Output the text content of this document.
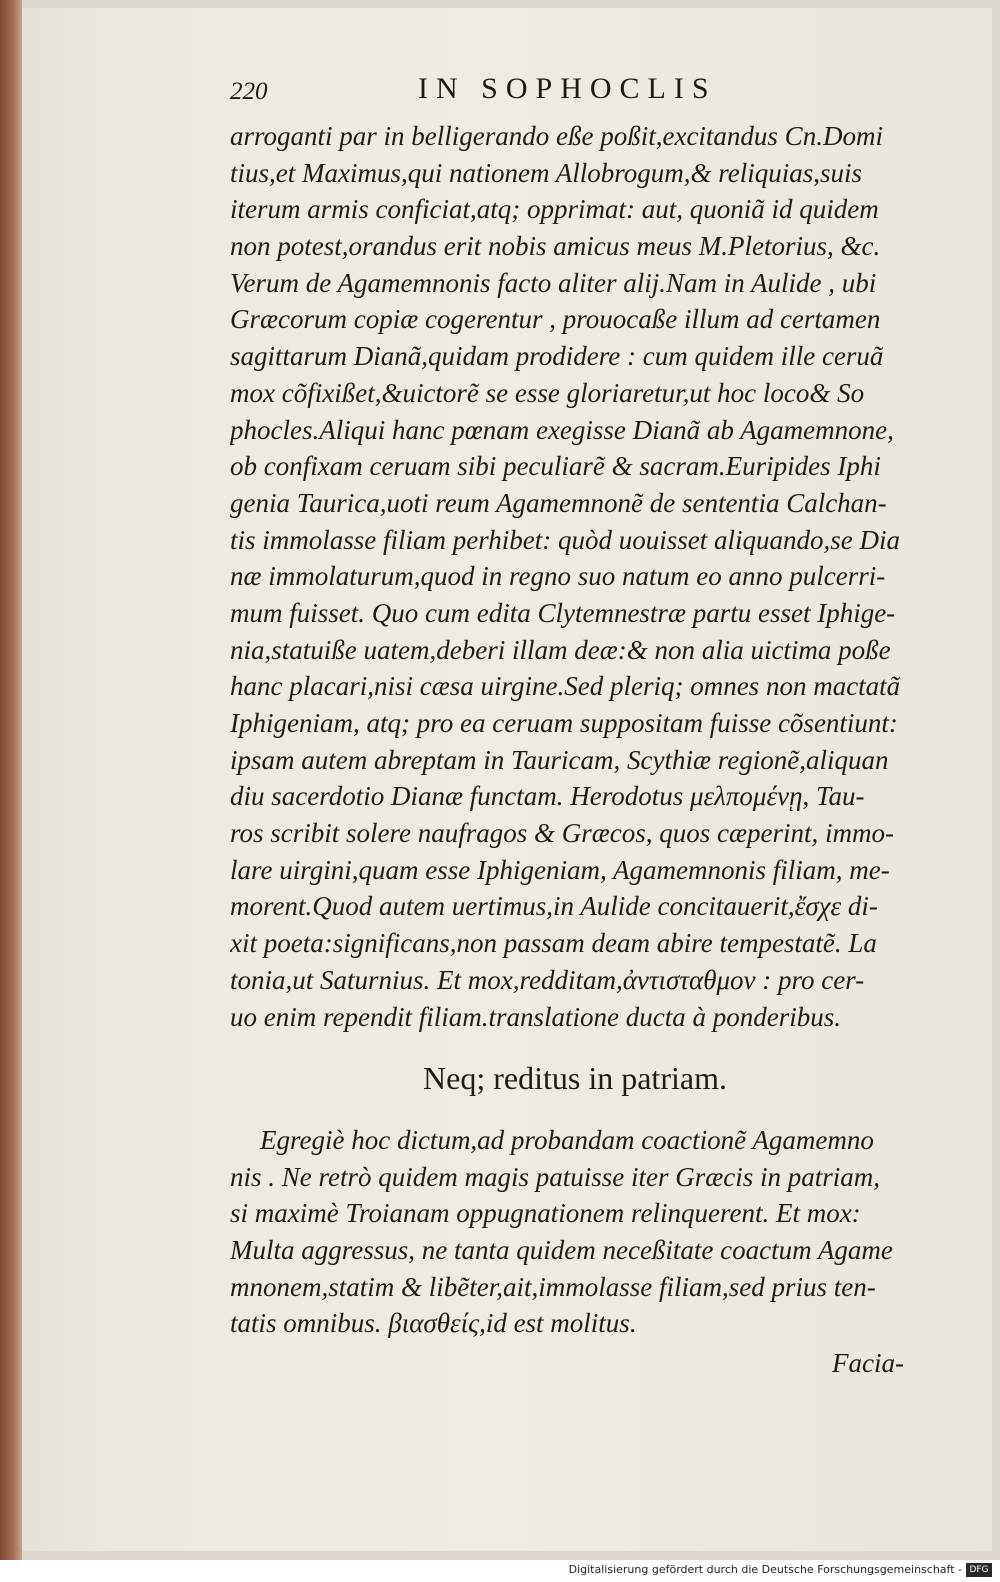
220	IN SOPHOCLIS
arroganti par in belligerando eße poßit,excitandus Cn.Domi
tius,et Maximus,qui nationem Allobrogum,& reliquias,suis
iterum armis conficiat,atq; opprimat: aut, quoniã id quidem
non potest,orandus erit nobis amicus meus M.Pletorius, &c.
Verum de Agamemnonis facto aliter alij.Nam in Aulide , ubi
Græcorum copiæ cogerentur , prouocaße illum ad certamen
sagittarum Dianã,quidam prodidere : cum quidem ille ceruã
mox cõfixißet,&uictorẽ se esse gloriaretur,ut hoc loco& So
phocles.Aliqui hanc pœnam exegisse Dianã ab Agamemnone,
ob confixam ceruam sibi peculiarẽ & sacram.Euripides Iphi
genia Taurica,uoti reum Agamemnonẽ de sententia Calchan-
tis immolasse filiam perhibet: quòd uouisset aliquando,se Dia
næ immolaturum,quod in regno suo natum eo anno pulcerri-
mum fuisset. Quo cum edita Clytemnestræ partu esset Iphige-
nia,statuiße uatem,deberi illam deæ:& non alia uictima poße
hanc placari,nisi cæsa uirgine.Sed pleriq; omnes non mactatã
Iphigeniam, atq; pro ea ceruam suppositam fuisse cõsentiunt:
ipsam autem abreptam in Tauricam, Scythiæ regionẽ,aliquan
diu sacerdotio Dianæ functam. Herodotus μελπομένῃ, Tau-
ros scribit solere naufragos & Græcos, quos cæperint, immo-
lare uirgini,quam esse Iphigeniam, Agamemnonis filiam, me-
morent.Quod autem uertimus,in Aulide concitauerit,ἔσχε di-
xit poeta:significans,non passam deam abire tempestatẽ. La
tonia,ut Saturnius. Et mox,redditam,ἀντισταθμον : pro cer-
uo enim rependit filiam.translatione ducta à ponderibus.
Neq; reditus in patriam.
Egregiè hoc dictum,ad probandam coactionẽ Agamemno
nis . Ne retrò quidem magis patuisse iter Græcis in patriam,
si maximè Troianam oppugnationem relinquerent. Et mox:
Multa aggressus, ne tanta quidem neceßitate coactum Agame
mnonem,statim & libẽter,ait,immolasse filiam,sed prius ten-
tatis omnibus. βιασθείς,id est molitus.
Facia-
Digitalisierung gefördert durch die Deutsche Forschungsgemeinschaft - DFG
